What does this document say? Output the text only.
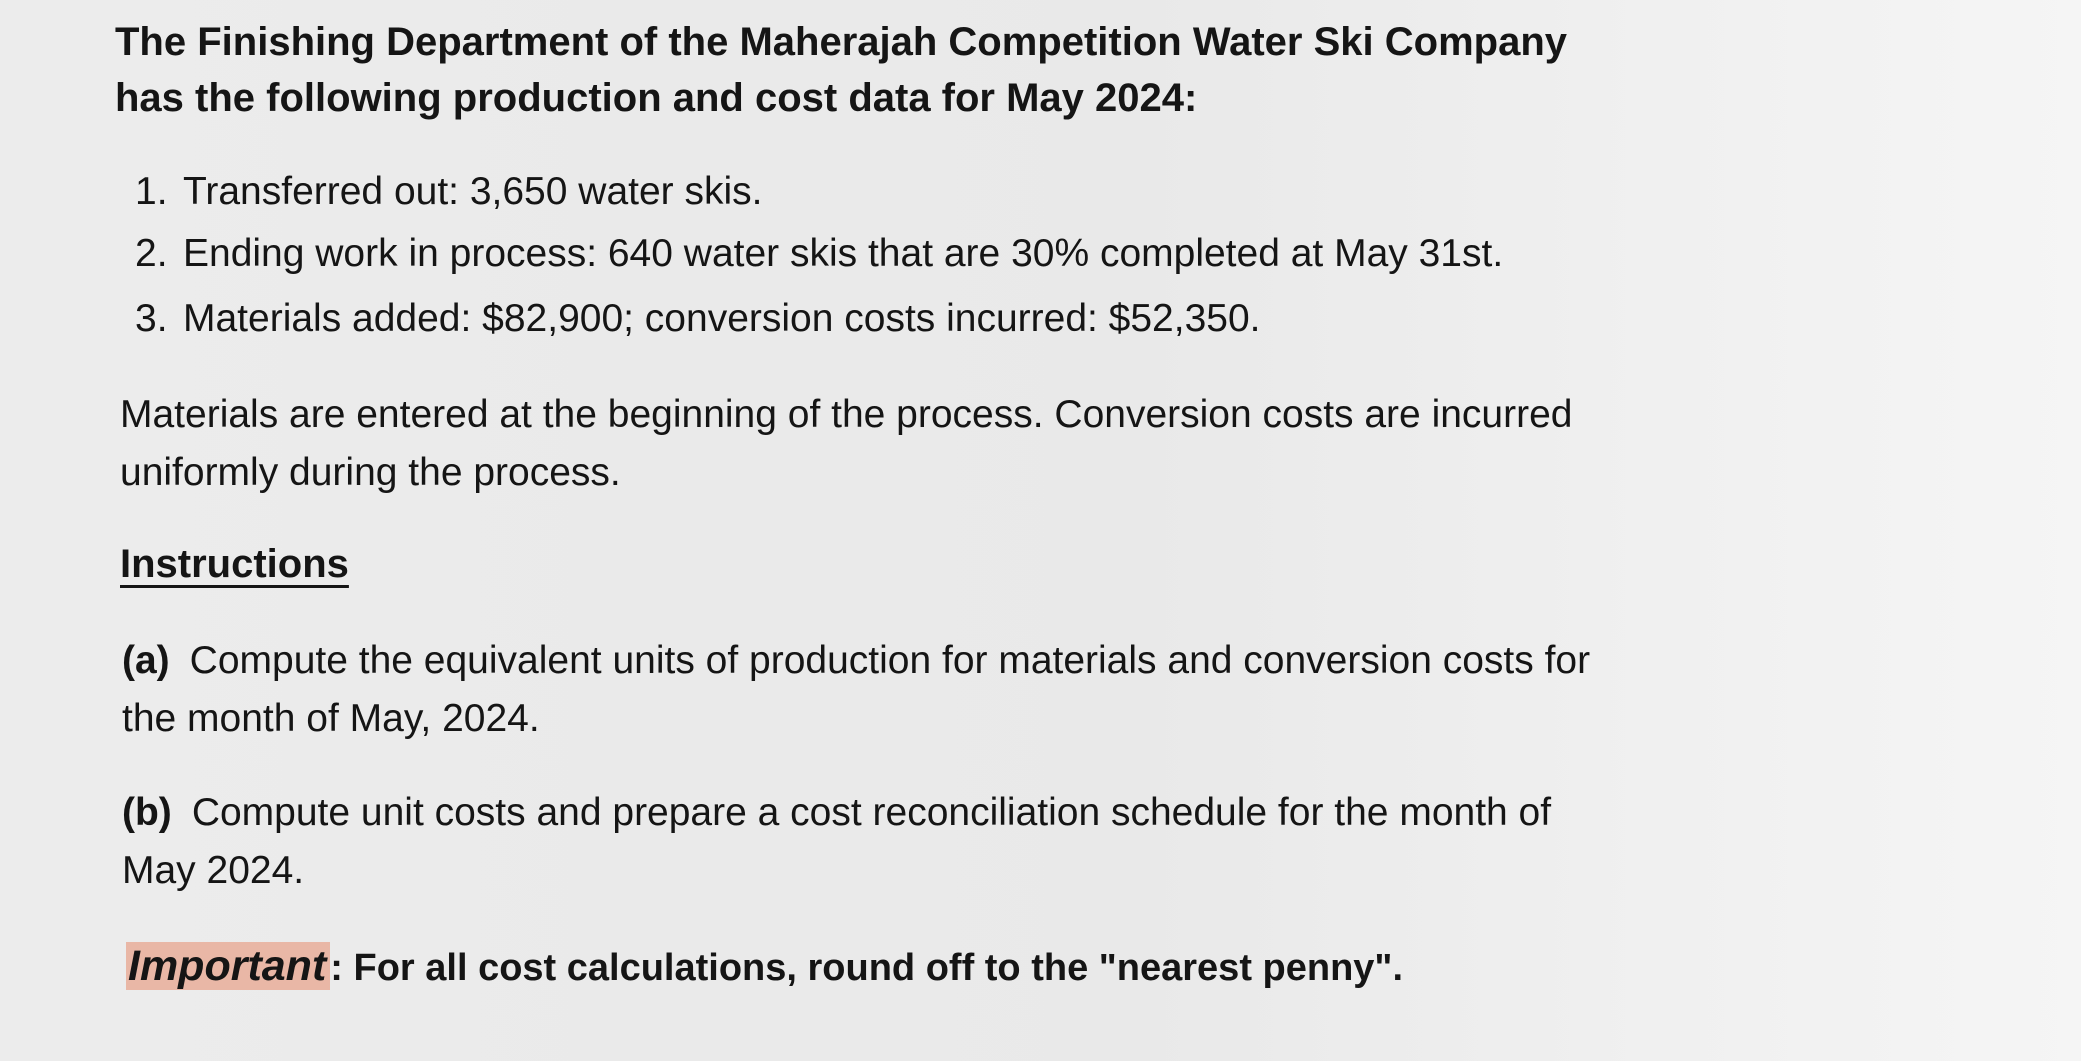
The Finishing Department of the Maherajah Competition Water Ski Company has the following production and cost data for May 2024:
1. Transferred out: 3,650 water skis.
2. Ending work in process: 640 water skis that are 30% completed at May 31st.
3. Materials added: $82,900; conversion costs incurred: $52,350.

Materials are entered at the beginning of the process. Conversion costs are incurred uniformly during the process.

Instructions

(a) Compute the equivalent units of production for materials and conversion costs for the month of May, 2024.

(b) Compute unit costs and prepare a cost reconciliation schedule for the month of May 2024.

Important : For all cost calculations, round off to the "nearest penny".
